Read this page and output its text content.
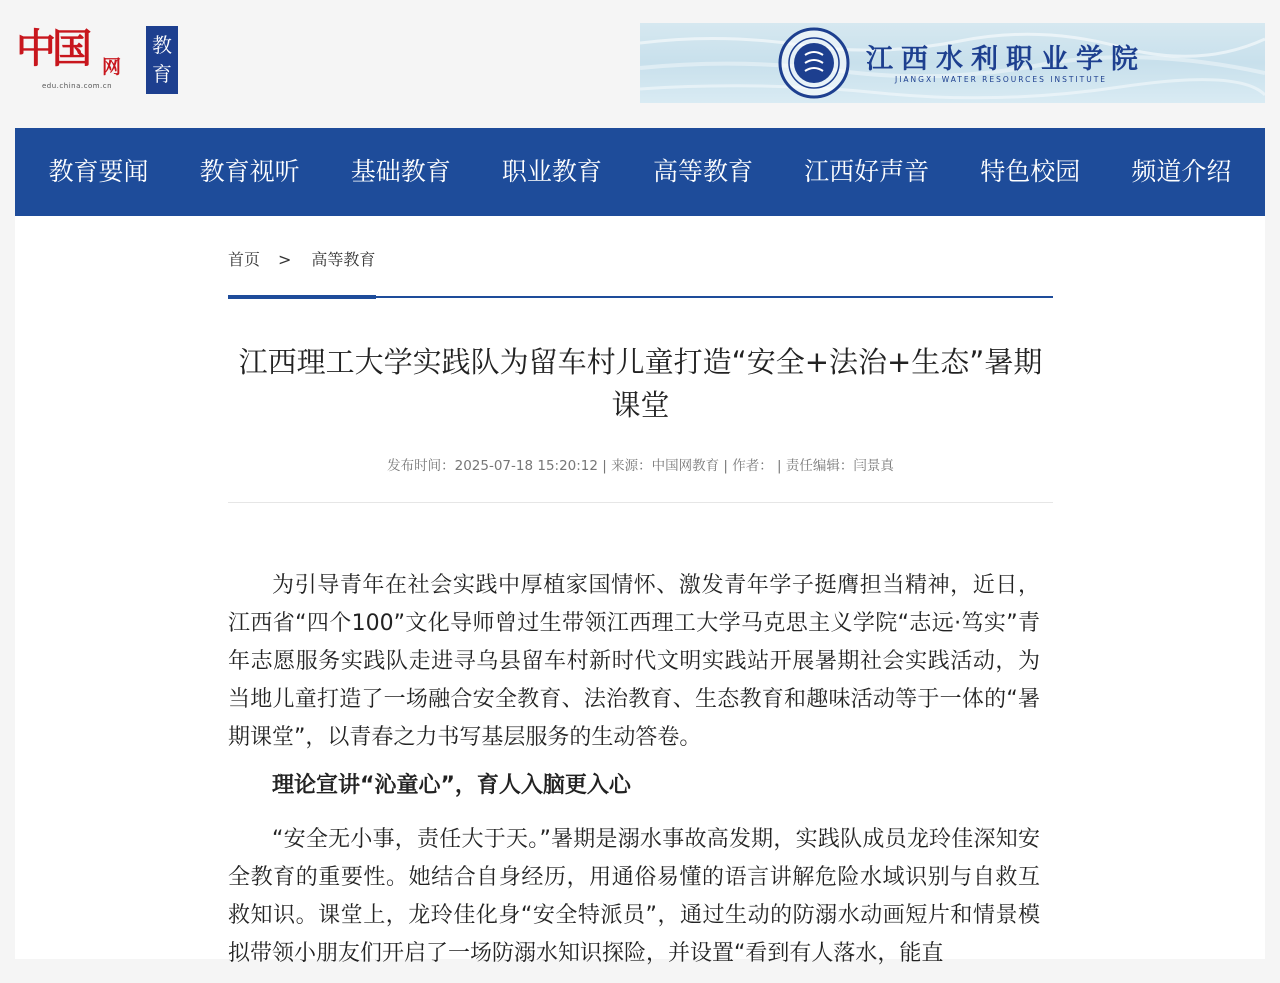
中国 网
edu.china.com.cn
教
育	江西水利职业学院
JIANGXI WATER RESOURCES INSTITUTE
教育要闻 教育视听 基础教育 职业教育 高等教育 江西好声音 特色校园 频道介绍
首页 > 高等教育
江西理工大学实践队为留车村儿童打造“安全+法治+生态”暑期课堂
发布时间：2025-07-18 15:20:12 | 来源：中国网教育 | 作者： | 责任编辑：闫景真

为引导青年在社会实践中厚植家国情怀、激发青年学子挺膺担当精神，近日，江西省“四个100”文化导师曾过生带领江西理工大学马克思主义学院“志远·笃实”青年志愿服务实践队走进寻乌县留车村新时代文明实践站开展暑期社会实践活动，为当地儿童打造了一场融合安全教育、法治教育、生态教育和趣味活动等于一体的“暑期课堂”，以青春之力书写基层服务的生动答卷。

理论宣讲“沁童心”，育人入脑更入心

“安全无小事，责任大于天。”暑期是溺水事故高发期，实践队成员龙玲佳深知安全教育的重要性。她结合自身经历，用通俗易懂的语言讲解危险水域识别与自救互救知识。课堂上，龙玲佳化身“安全特派员”，通过生动的防溺水动画短片和情景模拟带领小朋友们开启了一场防溺水知识探险，并设置“看到有人落水，能直
